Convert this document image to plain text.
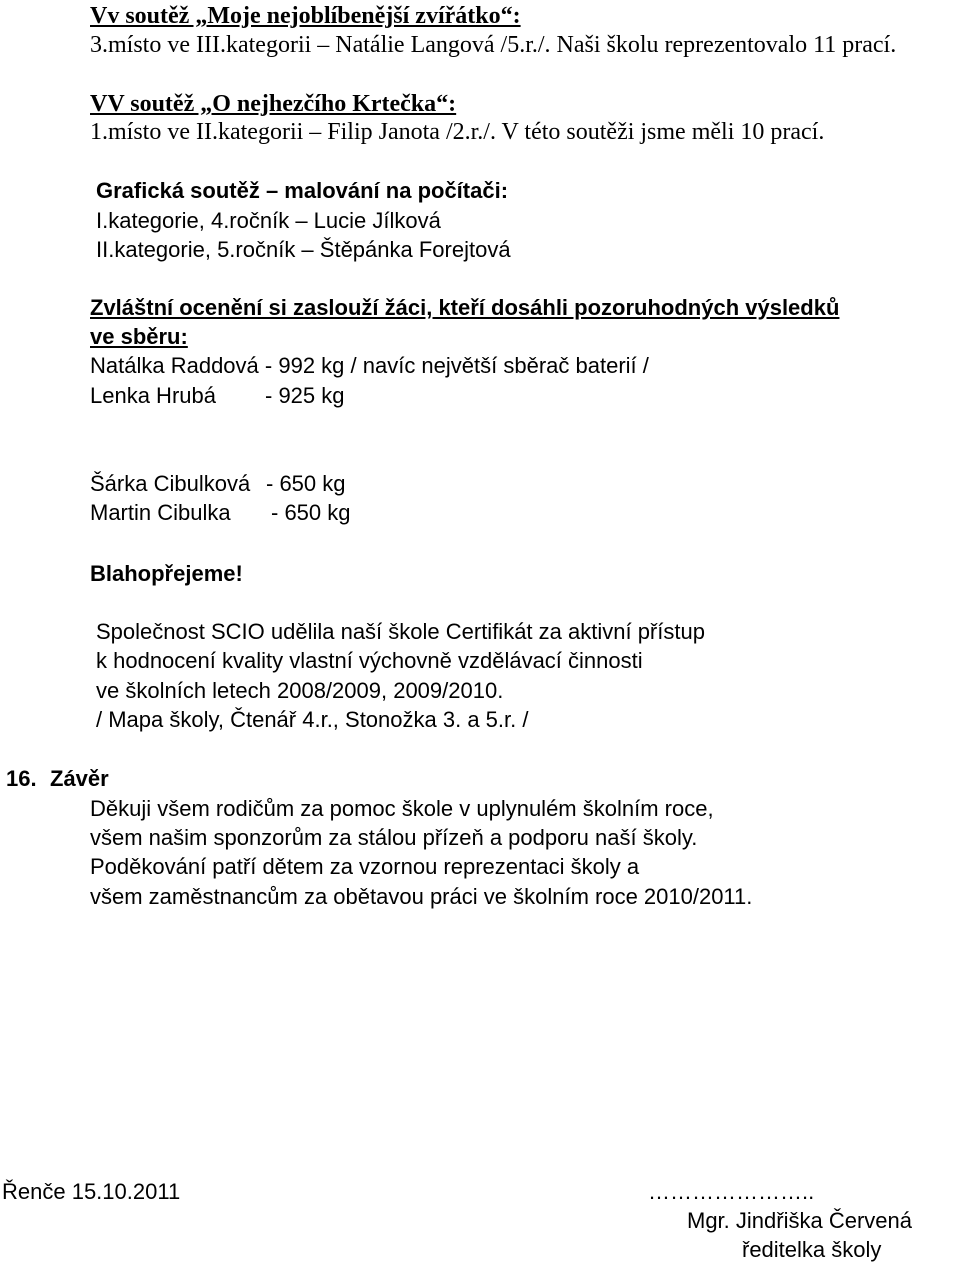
Vv soutěž „Moje nejoblíbenější zvířátko“:
3.místo ve III.kategorii – Natálie Langová /5.r./. Naši školu reprezentovalo 11 prací.
VV soutěž „O nejhezčího Krtečka“:
1.místo ve II.kategorii – Filip Janota /2.r./. V této soutěži jsme měli 10 prací.
Grafická soutěž – malování na počítači:
I.kategorie, 4.ročník – Lucie Jílková
II.kategorie, 5.ročník – Štěpánka Forejtová
Zvláštní ocenění si zaslouží žáci, kteří dosáhli pozoruhodných výsledků
ve sběru:
Natálka Raddová - 992 kg / navíc největší sběrač baterií /
Lenka Hrubá - 925 kg
Šárka Cibulková - 650 kg
Martin Cibulka - 650 kg
Blahopřejeme!
Společnost SCIO udělila naší škole Certifikát za aktivní přístup
k hodnocení kvality vlastní výchovně vzdělávací činnosti
ve školních letech 2008/2009, 2009/2010.
/ Mapa školy, Čtenář 4.r., Stonožka 3. a 5.r. /
16. Závěr
Děkuji všem rodičům za pomoc škole v uplynulém školním roce,
všem našim sponzorům za stálou přízeň a podporu naší školy.
Poděkování patří dětem za vzornou reprezentaci školy a
všem zaměstnancům za obětavou práci ve školním roce 2010/2011.
Řenče 15.10.2011	…………………..
Mgr. Jindřiška Červená
ředitelka školy
